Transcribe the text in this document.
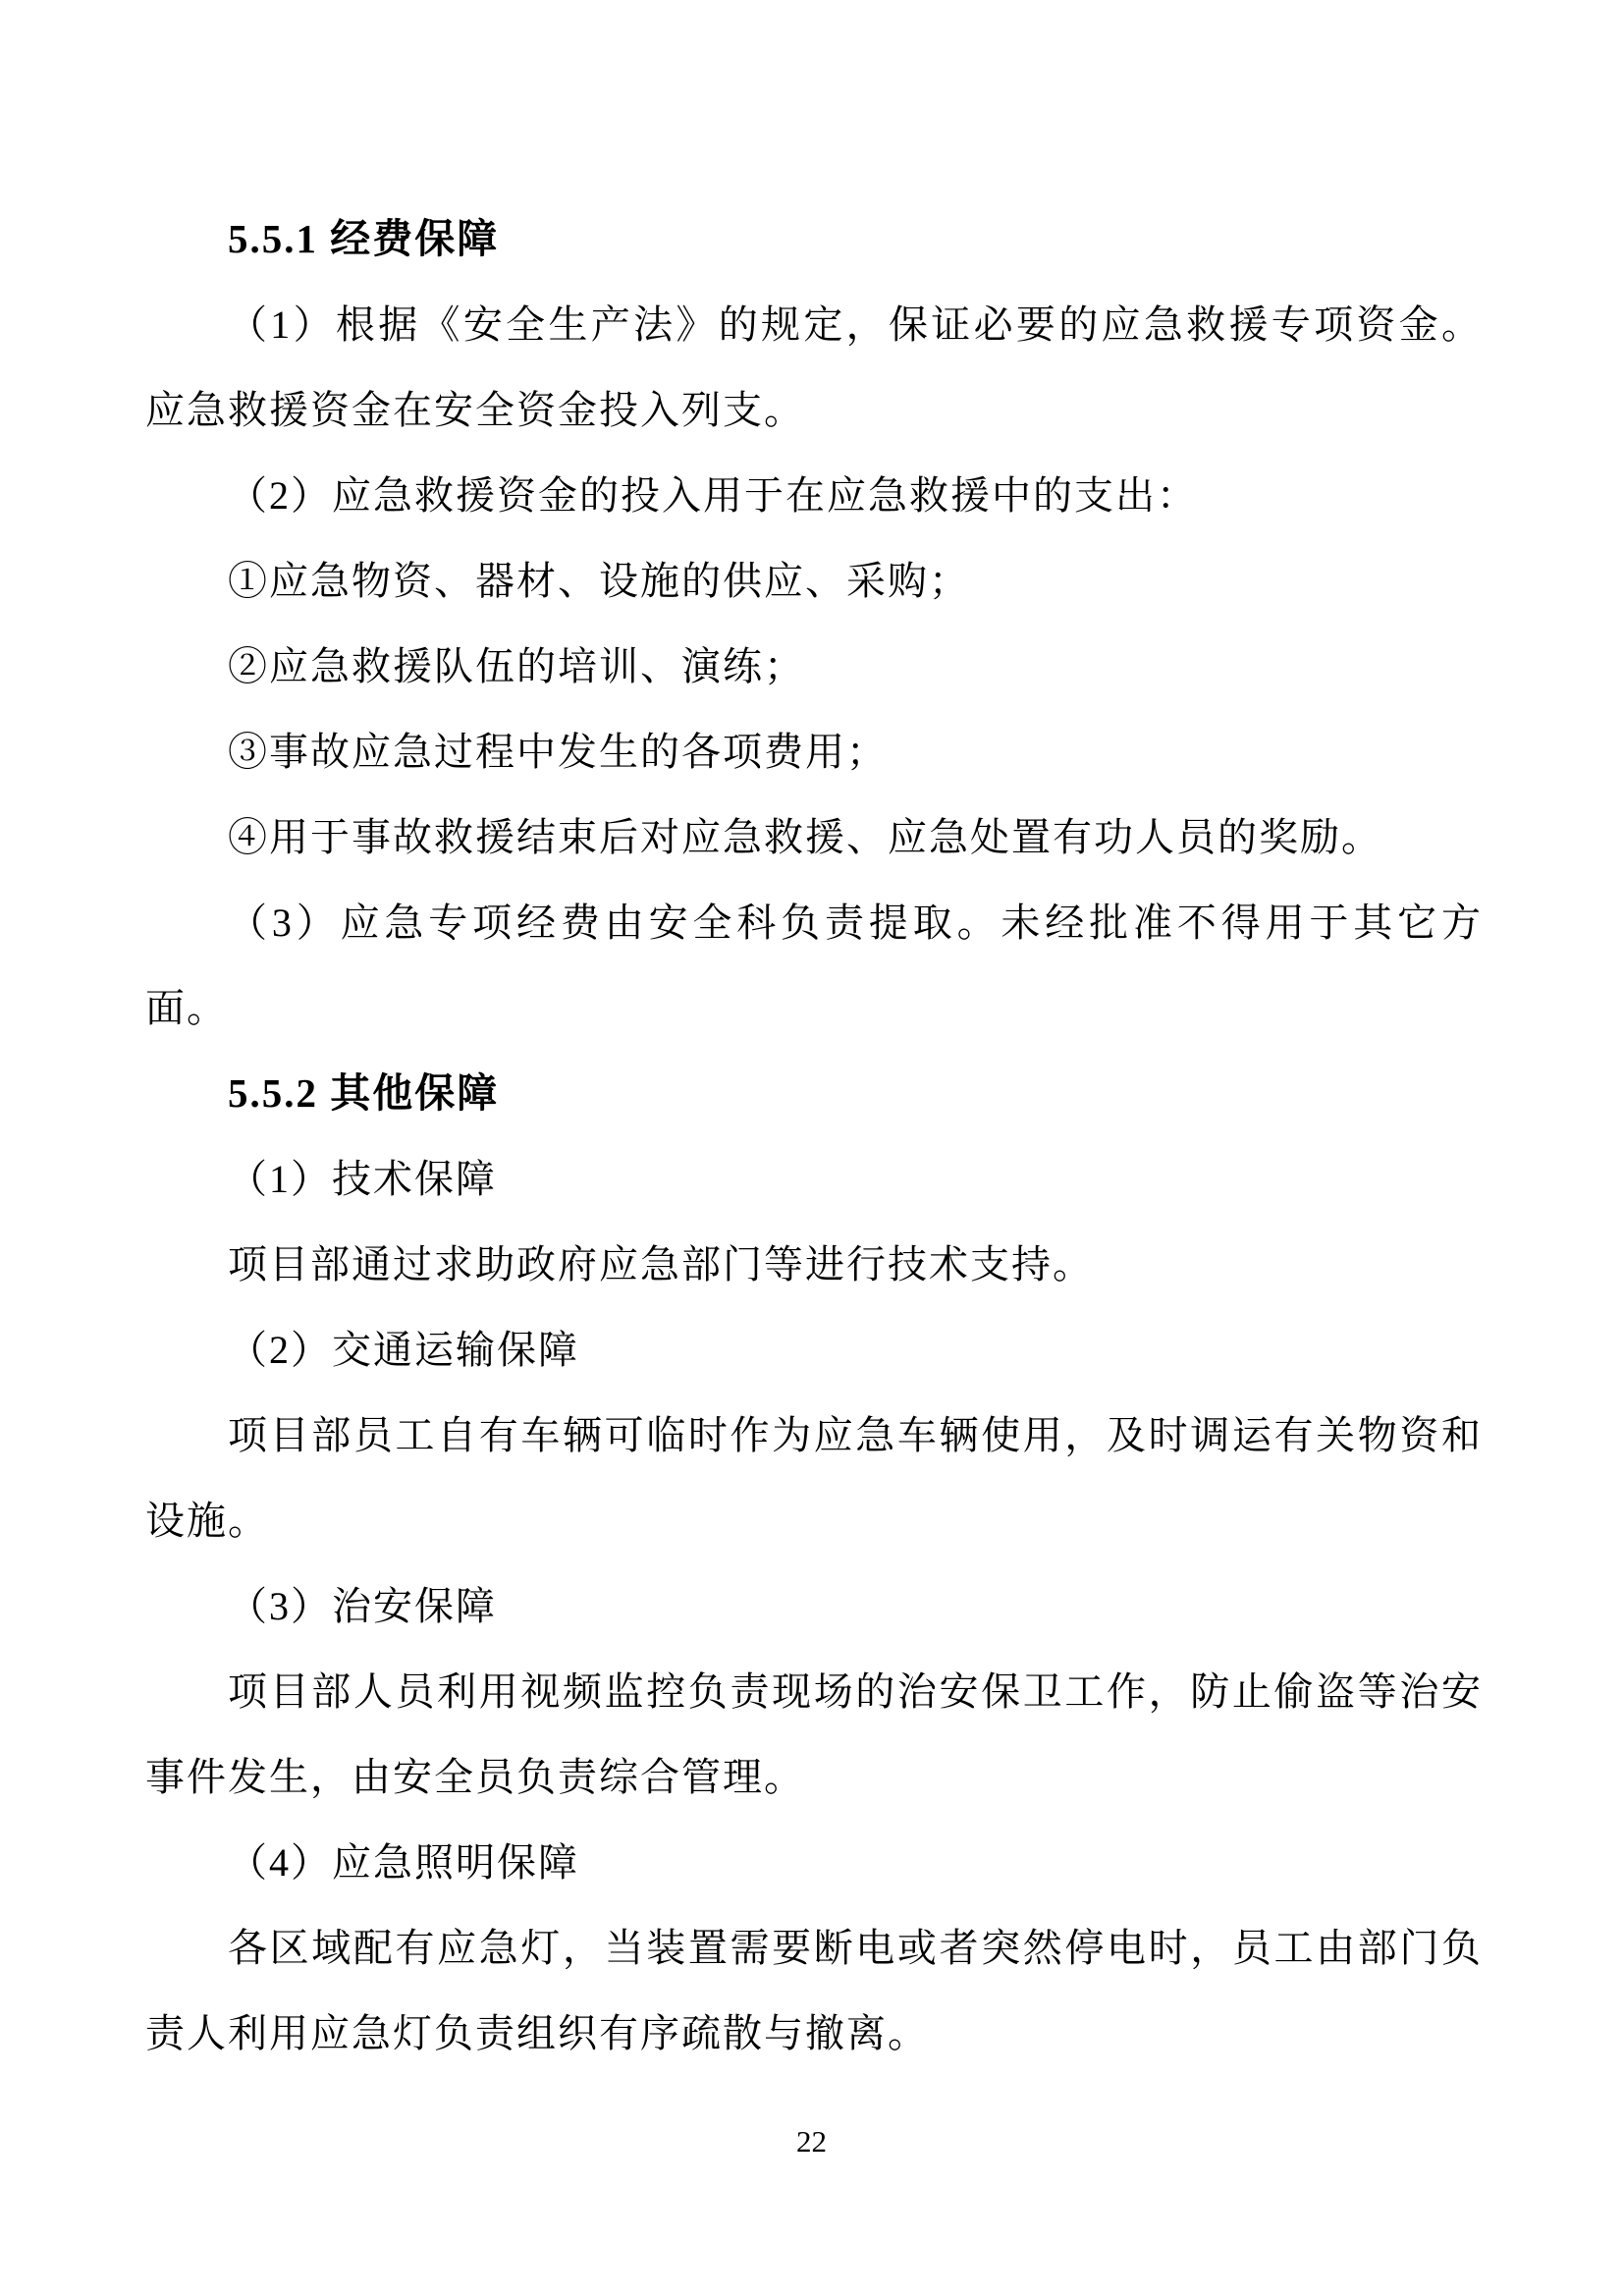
5.5.1 经费保障

（1）根据《安全生产法》的规定，保证必要的应急救援专项资金。应急救援资金在安全资金投入列支。

（2）应急救援资金的投入用于在应急救援中的支出：

①应急物资、器材、设施的供应、采购；

②应急救援队伍的培训、演练；

③事故应急过程中发生的各项费用；

④用于事故救援结束后对应急救援、应急处置有功人员的奖励。

（3）应急专项经费由安全科负责提取。未经批准不得用于其它方面。

5.5.2 其他保障

（1）技术保障

项目部通过求助政府应急部门等进行技术支持。

（2）交通运输保障

项目部员工自有车辆可临时作为应急车辆使用，及时调运有关物资和设施。

（3）治安保障

项目部人员利用视频监控负责现场的治安保卫工作，防止偷盗等治安事件发生，由安全员负责综合管理。

（4）应急照明保障

各区域配有应急灯，当装置需要断电或者突然停电时，员工由部门负责人利用应急灯负责组织有序疏散与撤离。

22
